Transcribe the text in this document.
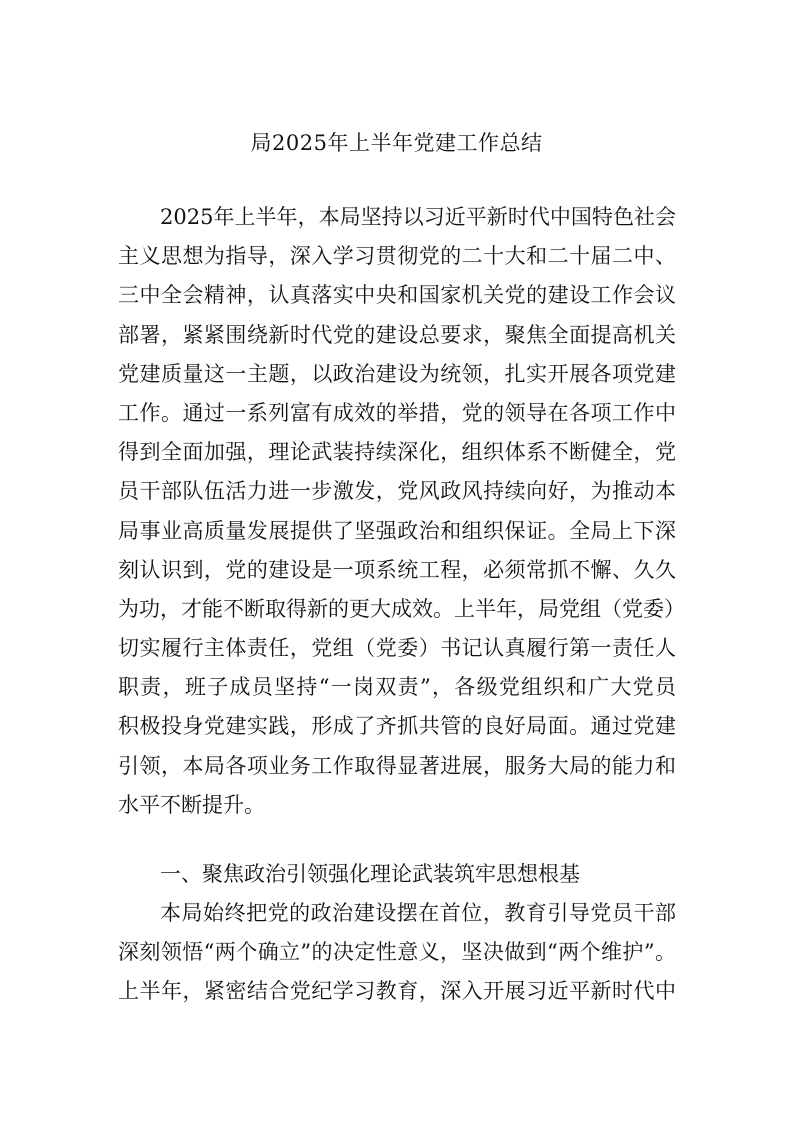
局2025年上半年党建工作总结
2025年上半年，本局坚持以习近平新时代中国特色社会
主义思想为指导，深入学习贯彻党的二十大和二十届二中、
三中全会精神，认真落实中央和国家机关党的建设工作会议
部署，紧紧围绕新时代党的建设总要求，聚焦全面提高机关
党建质量这一主题，以政治建设为统领，扎实开展各项党建
工作。通过一系列富有成效的举措，党的领导在各项工作中
得到全面加强，理论武装持续深化，组织体系不断健全，党
员干部队伍活力进一步激发，党风政风持续向好，为推动本
局事业高质量发展提供了坚强政治和组织保证。全局上下深
刻认识到，党的建设是一项系统工程，必须常抓不懈、久久
为功，才能不断取得新的更大成效。上半年，局党组（党委）
切实履行主体责任，党组（党委）书记认真履行第一责任人
职责，班子成员坚持“一岗双责”，各级党组织和广大党员
积极投身党建实践，形成了齐抓共管的良好局面。通过党建
引领，本局各项业务工作取得显著进展，服务大局的能力和
水平不断提升。
一、聚焦政治引领强化理论武装筑牢思想根基
本局始终把党的政治建设摆在首位，教育引导党员干部
深刻领悟“两个确立”的决定性意义，坚决做到“两个维护”。
上半年，紧密结合党纪学习教育，深入开展习近平新时代中
